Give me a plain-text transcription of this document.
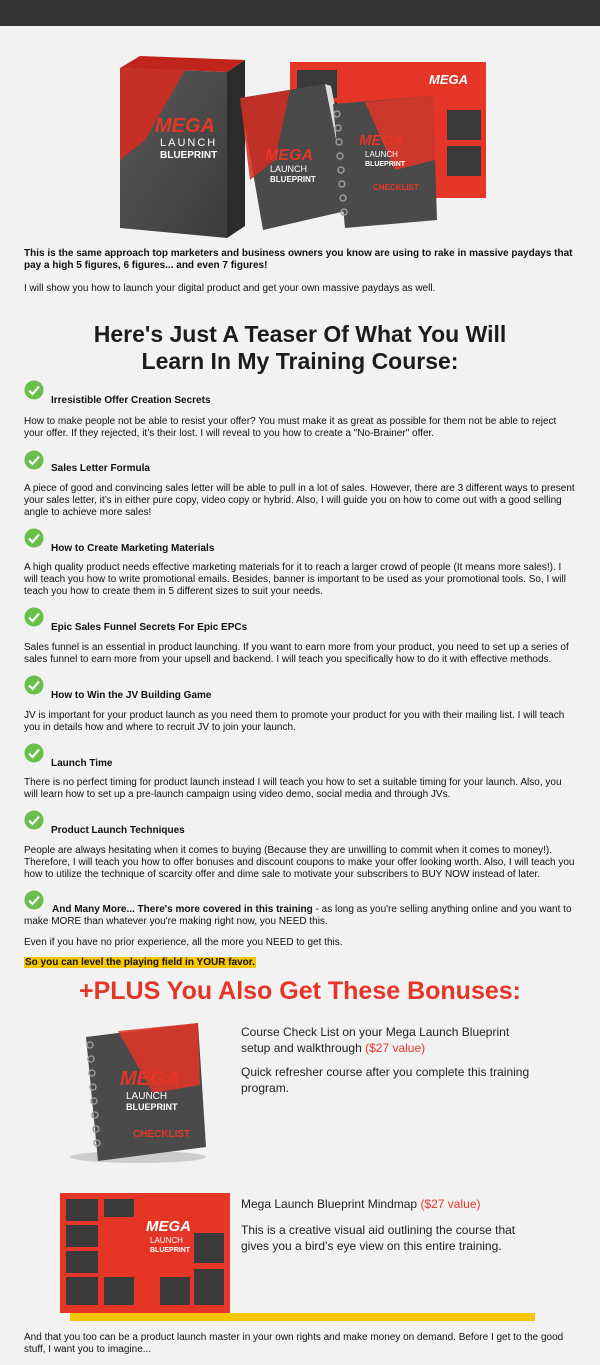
MEGA
MEGA
LAUNCH
BLUEPRINT	MEGA
LAUNCH
BLUEPRINT
MEGA
LAUNCH
BLUEPRINT
CHECKLIST

This is the same approach top marketers and business owners you know are using to rake in massive paydays that pay a high 5 figures, 6 figures... and even 7 figures!

I will show you how to launch your digital product and get your own massive paydays as well.

Here's Just A Teaser Of What You Will
Learn In My Training Course:

Irresistible Offer Creation Secrets

How to make people not be able to resist your offer? You must make it as great as possible for them not be able to reject your offer. If they rejected, it’s their lost. I will reveal to you how to create a "No-Brainer" offer.

Sales Letter Formula

A piece of good and convincing sales letter will be able to pull in a lot of sales. However, there are 3 different ways to present your sales letter, it’s in either pure copy, video copy or hybrid. Also, I will guide you on how to come out with a good selling angle to achieve more sales!

How to Create Marketing Materials

A high quality product needs effective marketing materials for it to reach a larger crowd of people (It means more sales!). I will teach you how to write promotional emails. Besides, banner is important to be used as your promotional tools. So, I will teach you how to create them in 5 different sizes to suit your needs.

Epic Sales Funnel Secrets For Epic EPCs

Sales funnel is an essential in product launching. If you want to earn more from your product, you need to set up a series of sales funnel to earn more from your upsell and backend. I will teach you specifically how to do it with effective methods.

How to Win the JV Building Game

JV is important for your product launch as you need them to promote your product for you with their mailing list. I will teach you in details how and where to recruit JV to join your launch.

Launch Time

There is no perfect timing for product launch instead I will teach you how to set a suitable timing for your launch. Also, you will learn how to set up a pre-launch campaign using video demo, social media and through JVs.

Product Launch Techniques

People are always hesitating when it comes to buying (Because they are unwilling to commit when it comes to money!). Therefore, I will teach you how to offer bonuses and discount coupons to make your offer looking worth. Also, I will teach you how to utilize the technique of scarcity offer and dime sale to motivate your subscribers to BUY NOW instead of later.

And Many More... There's more covered in this training - as long as you're selling anything online and you want to make MORE than whatever you're making right now, you NEED this.

Even if you have no prior experience, all the more you NEED to get this.

So you can level the playing field in YOUR favor.

+PLUS You Also Get These Bonuses:
MEGA
LAUNCH
BLUEPRINT
CHECKLIST

Course Check List on your Mega Launch Blueprint setup and walkthrough ($27 value)

Quick refresher course after you complete this training program.

MEGA
LAUNCH
BLUEPRINT

Mega Launch Blueprint Mindmap ($27 value)

This is a creative visual aid outlining the course that gives you a bird’s eye view on this entire training.

And that you too can be a product launch master in your own rights and make money on demand. Before I get to the good stuff, I want you to imagine...
